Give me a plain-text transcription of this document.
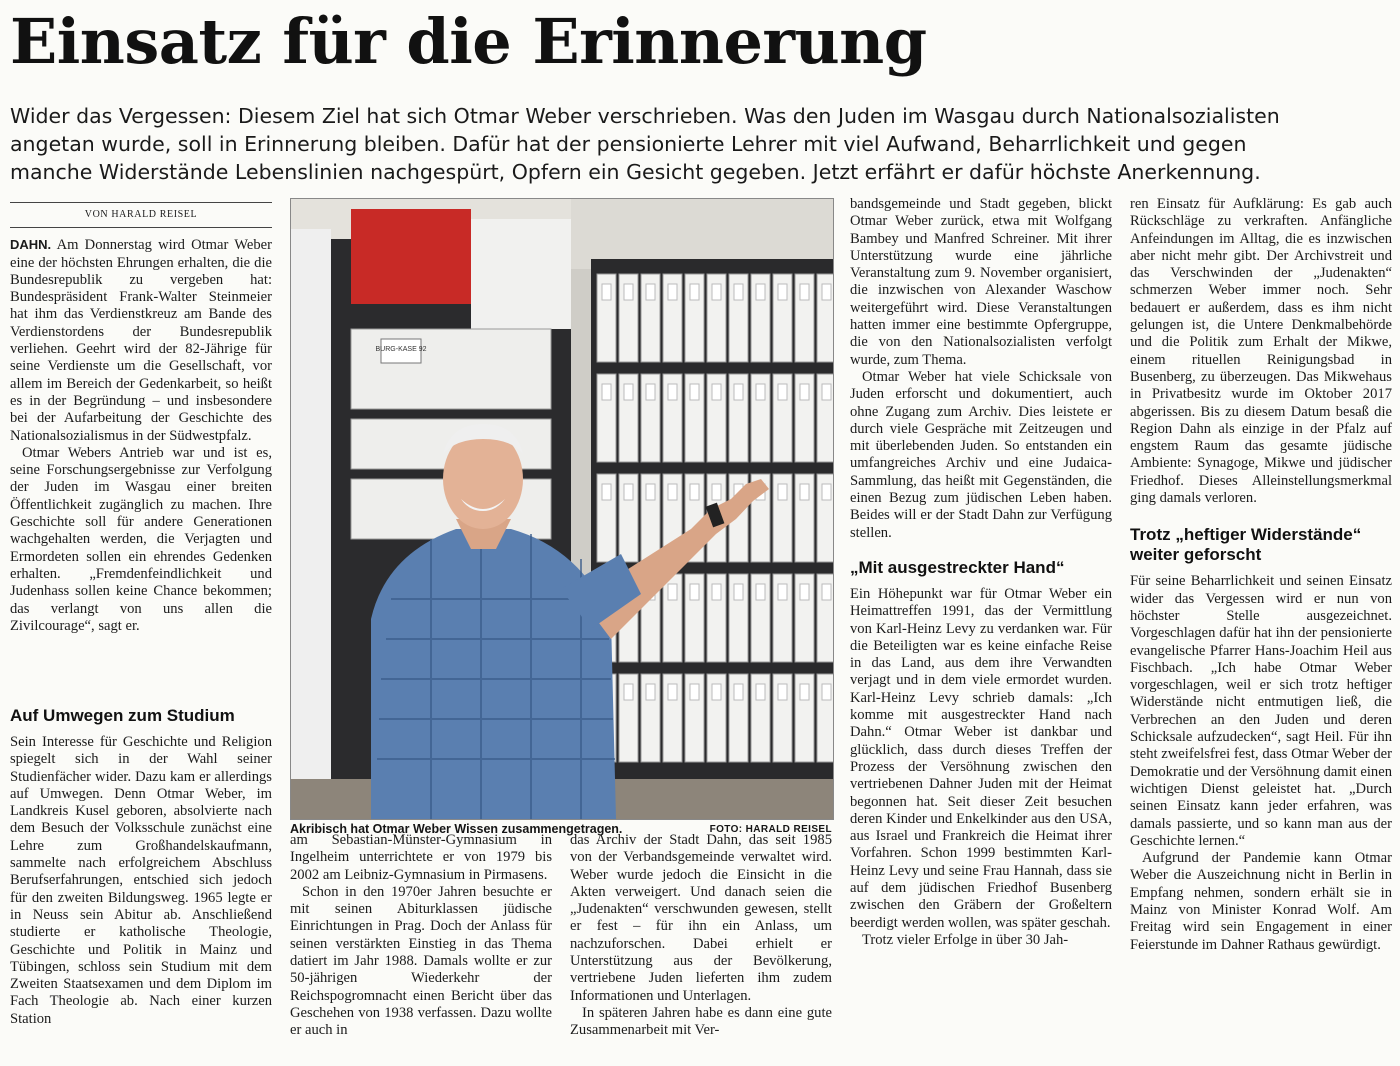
Einsatz für die Erinnerung

Wider das Vergessen: Diesem Ziel hat sich Otmar Weber verschrieben. Was den Juden im Wasgau durch Nationalsozialisten

angetan wurde, soll in Erinnerung bleiben. Dafür hat der pensionierte Lehrer mit viel Aufwand, Beharrlichkeit und gegen

manche Widerstände Lebenslinien nachgespürt, Opfern ein Gesicht gegeben. Jetzt erfährt er dafür höchste Anerkennung.

VON HARALD REISEL

DAHN. Am Donnerstag wird Otmar Weber eine der höchsten Ehrungen erhalten, die die Bundesrepublik zu vergeben hat: Bundespräsident Frank-Walter Steinmeier hat ihm das Verdienstkreuz am Bande des Verdienstordens der Bundesrepublik verliehen. Geehrt wird der 82-Jährige für seine Verdienste um die Gesellschaft, vor allem im Bereich der Gedenkarbeit, so heißt es in der Begründung – und insbesondere bei der Aufarbeitung der Geschichte des Nationalsozialismus in der Südwestpfalz.

Otmar Webers Antrieb war und ist es, seine Forschungsergebnisse zur Verfolgung der Juden im Wasgau einer breiten Öffentlichkeit zugänglich zu machen. Ihre Geschichte soll für andere Generationen wachgehalten werden, die Verjagten und Ermordeten sollen ein ehrendes Gedenken erhalten. „Fremdenfeindlichkeit und Judenhass sollen keine Chance bekommen; das verlangt von uns allen die Zivilcourage“, sagt er.

Auf Umwegen zum Studium

Sein Interesse für Geschichte und Religion spiegelt sich in der Wahl seiner Studienfächer wider. Dazu kam er allerdings auf Umwegen. Denn Otmar Weber, im Landkreis Kusel geboren, absolvierte nach dem Besuch der Volksschule zunächst eine Lehre zum Großhandelskaufmann, sammelte nach erfolgreichem Abschluss Berufserfahrungen, entschied sich jedoch für den zweiten Bildungsweg. 1965 legte er in Neuss sein Abitur ab. Anschließend studierte er katholische Theologie, Geschichte und Politik in Mainz und Tübingen, schloss sein Studium mit dem Zweiten Staatsexamen und dem Diplom im Fach Theologie ab. Nach einer kurzen Station

BURG-KASE 92
Akribisch hat Otmar Weber Wissen zusammengetragen.	FOTO: HARALD REISEL

am Sebastian-Münster-Gymnasium in Ingelheim unterrichtete er von 1979 bis 2002 am Leibniz-Gymnasium in Pirmasens.

Schon in den 1970er Jahren besuchte er mit seinen Abiturklassen jüdische Einrichtungen in Prag. Doch der Anlass für seinen verstärkten Einstieg in das Thema datiert im Jahr 1988. Damals wollte er zur 50-jährigen Wiederkehr der Reichspogromnacht einen Bericht über das Geschehen von 1938 verfassen. Dazu wollte er auch in

das Archiv der Stadt Dahn, das seit 1985 von der Verbandsgemeinde verwaltet wird. Weber wurde jedoch die Einsicht in die Akten verweigert. Und danach seien die „Judenakten“ verschwunden gewesen, stellt er fest – für ihn ein Anlass, um nachzuforschen. Dabei erhielt er Unterstützung aus der Bevölkerung, vertriebene Juden lieferten ihm zudem Informationen und Unterlagen.

In späteren Jahren habe es dann eine gute Zusammenarbeit mit Ver-

bandsgemeinde und Stadt gegeben, blickt Otmar Weber zurück, etwa mit Wolfgang Bambey und Manfred Schreiner. Mit ihrer Unterstützung wurde eine jährliche Veranstaltung zum 9. November organisiert, die inzwischen von Alexander Waschow weitergeführt wird. Diese Veranstaltungen hatten immer eine bestimmte Opfergruppe, die von den Nationalsozialisten verfolgt wurde, zum Thema.

Otmar Weber hat viele Schicksale von Juden erforscht und dokumentiert, auch ohne Zugang zum Archiv. Dies leistete er durch viele Gespräche mit Zeitzeugen und mit überlebenden Juden. So entstanden ein umfangreiches Archiv und eine Judaica-Sammlung, das heißt mit Gegenständen, die einen Bezug zum jüdischen Leben haben. Beides will er der Stadt Dahn zur Verfügung stellen.

„Mit ausgestreckter Hand“

Ein Höhepunkt war für Otmar Weber ein Heimattreffen 1991, das der Vermittlung von Karl-Heinz Levy zu verdanken war. Für die Beteiligten war es keine einfache Reise in das Land, aus dem ihre Verwandten verjagt und in dem viele ermordet wurden. Karl-Heinz Levy schrieb damals: „Ich komme mit ausgestreckter Hand nach Dahn.“ Otmar Weber ist dankbar und glücklich, dass durch dieses Treffen der Prozess der Versöhnung zwischen den vertriebenen Dahner Juden mit der Heimat begonnen hat. Seit dieser Zeit besuchen deren Kinder und Enkelkinder aus den USA, aus Israel und Frankreich die Heimat ihrer Vorfahren. Schon 1999 bestimmten Karl-Heinz Levy und seine Frau Hannah, dass sie auf dem jüdischen Friedhof Busenberg zwischen den Gräbern der Großeltern beerdigt werden wollen, was später geschah.

Trotz vieler Erfolge in über 30 Jah-

ren Einsatz für Aufklärung: Es gab auch Rückschläge zu verkraften. Anfängliche Anfeindungen im Alltag, die es inzwischen aber nicht mehr gibt. Der Archivstreit und das Verschwinden der „Judenakten“ schmerzen Weber immer noch. Sehr bedauert er außerdem, dass es ihm nicht gelungen ist, die Untere Denkmalbehörde und die Politik zum Erhalt der Mikwe, einem rituellen Reinigungsbad in Busenberg, zu überzeugen. Das Mikwehaus in Privatbesitz wurde im Oktober 2017 abgerissen. Bis zu diesem Datum besaß die Region Dahn als einzige in der Pfalz auf engstem Raum das gesamte jüdische Ambiente: Synagoge, Mikwe und jüdischer Friedhof. Dieses Alleinstellungsmerkmal ging damals verloren.

Trotz „heftiger Widerstände“
weiter geforscht

Für seine Beharrlichkeit und seinen Einsatz wider das Vergessen wird er nun von höchster Stelle ausgezeichnet. Vorgeschlagen dafür hat ihn der pensionierte evangelische Pfarrer Hans-Joachim Heil aus Fischbach. „Ich habe Otmar Weber vorgeschlagen, weil er sich trotz heftiger Widerstände nicht entmutigen ließ, die Verbrechen an den Juden und deren Schicksale aufzudecken“, sagt Heil. Für ihn steht zweifelsfrei fest, dass Otmar Weber der Demokratie und der Versöhnung damit einen wichtigen Dienst geleistet hat. „Durch seinen Einsatz kann jeder erfahren, was damals passierte, und so kann man aus der Geschichte lernen.“

Aufgrund der Pandemie kann Otmar Weber die Auszeichnung nicht in Berlin in Empfang nehmen, sondern erhält sie in Mainz von Minister Konrad Wolf. Am Freitag wird sein Engagement in einer Feierstunde im Dahner Rathaus gewürdigt.
